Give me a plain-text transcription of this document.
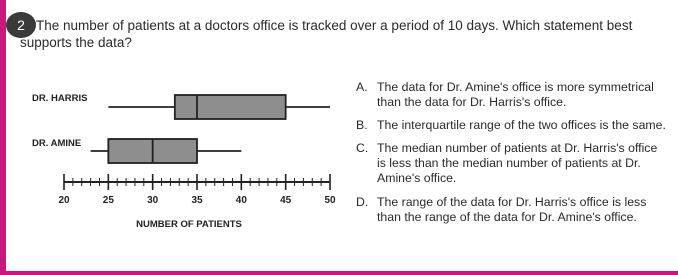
2 The number of patients at a doctors office is tracked over a period of 10 days. Which statement best
supports the data?
DR. HARRIS
DR. AMINE
20	25	30	35	40	45	50
NUMBER OF PATIENTS
A. The data for Dr. Amine's office is more symmetrical than the data for Dr. Harris's office.
B. The interquartile range of the two offices is the same.
C. The median number of patients at Dr. Harris's office is less than the median number of patients at Dr. Amine's office.
D. The range of the data for Dr. Harris's office is less than the range of the data for Dr. Amine's office.
